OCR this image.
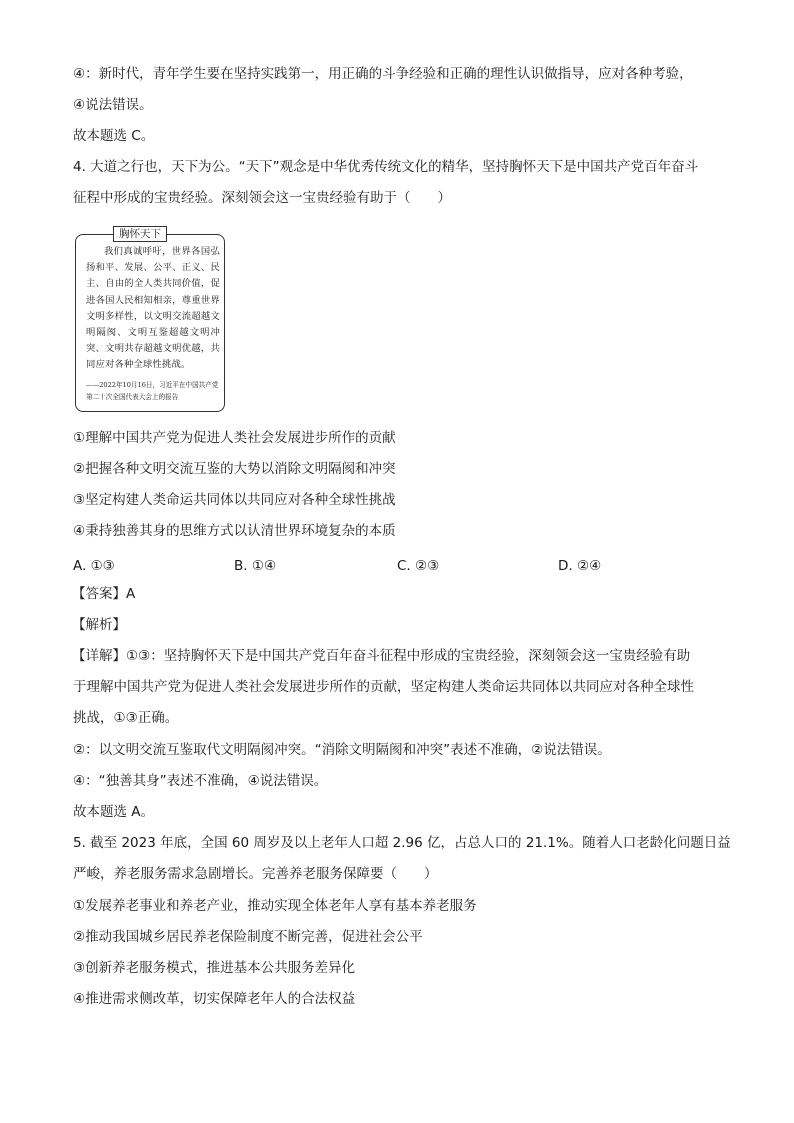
④：新时代，青年学生要在坚持实践第一，用正确的斗争经验和正确的理性认识做指导，应对各种考验，
④说法错误。
故本题选 C。
4. 大道之行也，天下为公。“天下”观念是中华优秀传统文化的精华，坚持胸怀天下是中国共产党百年奋斗
征程中形成的宝贵经验。深刻领会这一宝贵经验有助于（　　）
胸怀天下
我们真诚呼吁，世界各国弘扬和平、发展、公平、正义、民主、自由的全人类共同价值，促进各国人民相知相亲，尊重世界文明多样性，以文明交流超越文明隔阂、文明互鉴超越文明冲突、文明共存超越文明优越，共同应对各种全球性挑战。
——2022年10月16日，习近平在中国共产党第二十次全国代表大会上的报告
①理解中国共产党为促进人类社会发展进步所作的贡献
②把握各种文明交流互鉴的大势以消除文明隔阂和冲突
③坚定构建人类命运共同体以共同应对各种全球性挑战
④秉持独善其身的思维方式以认清世界环境复杂的本质
A. ①③	B. ①④	C. ②③	D. ②④
【答案】A
【解析】
【详解】①③：坚持胸怀天下是中国共产党百年奋斗征程中形成的宝贵经验，深刻领会这一宝贵经验有助
于理解中国共产党为促进人类社会发展进步所作的贡献，坚定构建人类命运共同体以共同应对各种全球性
挑战，①③正确。
②：以文明交流互鉴取代文明隔阂冲突。“消除文明隔阂和冲突”表述不准确，②说法错误。
④：“独善其身”表述不准确，④说法错误。
故本题选 A。
5. 截至 2023 年底，全国 60 周岁及以上老年人口超 2.96 亿，占总人口的 21.1%。随着人口老龄化问题日益
严峻，养老服务需求急剧增长。完善养老服务保障要（　　）
①发展养老事业和养老产业，推动实现全体老年人享有基本养老服务
②推动我国城乡居民养老保险制度不断完善，促进社会公平
③创新养老服务模式，推进基本公共服务差异化
④推进需求侧改革，切实保障老年人的合法权益
